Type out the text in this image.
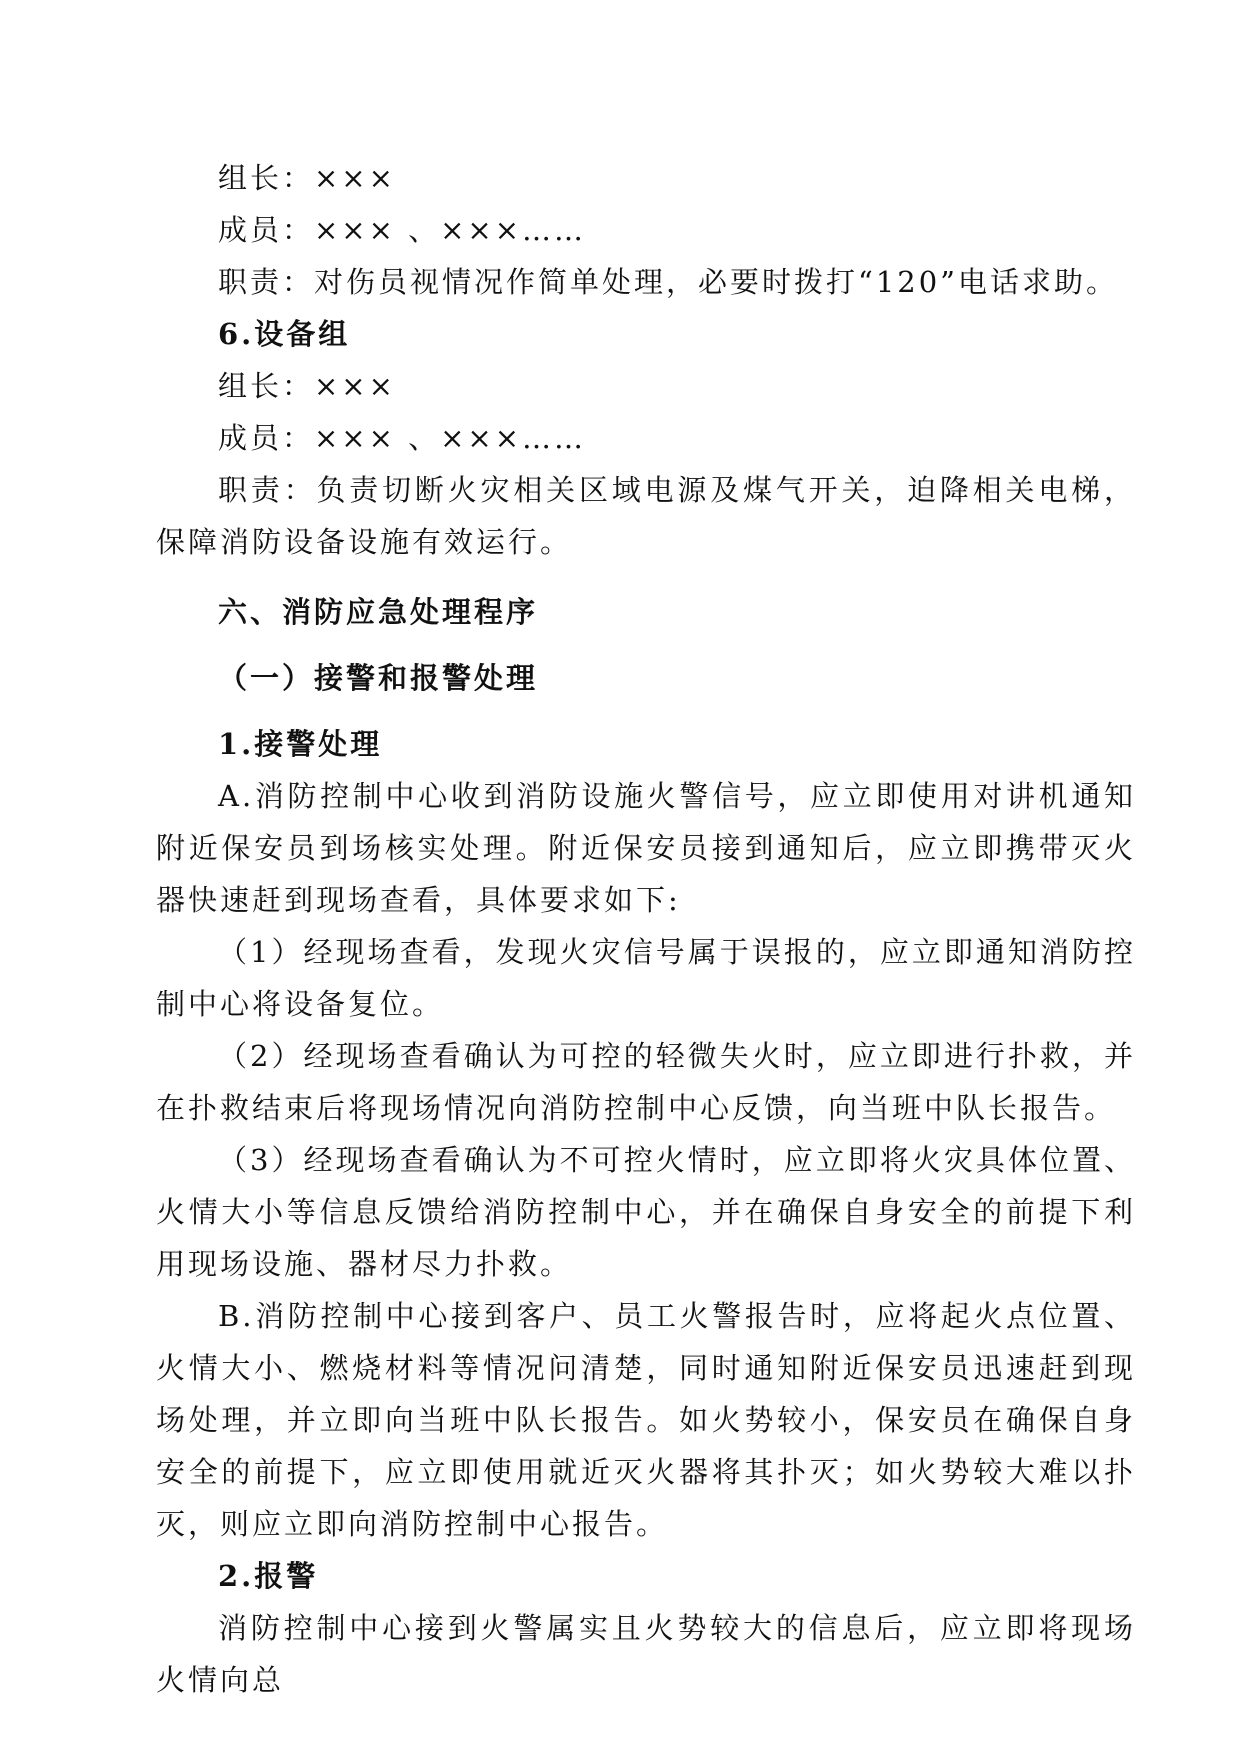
组长：×××

成员：××× 、×××……

职责：对伤员视情况作简单处理，必要时拨打“120”电话求助。

6.设备组

组长：×××

成员：××× 、×××……

职责：负责切断火灾相关区域电源及煤气开关，迫降相关电梯，保障消防设备设施有效运行。

六、消防应急处理程序

（一）接警和报警处理

1.接警处理

A.消防控制中心收到消防设施火警信号，应立即使用对讲机通知附近保安员到场核实处理。附近保安员接到通知后，应立即携带灭火器快速赶到现场查看，具体要求如下:

（1）经现场查看，发现火灾信号属于误报的，应立即通知消防控制中心将设备复位。

（2）经现场查看确认为可控的轻微失火时，应立即进行扑救，并在扑救结束后将现场情况向消防控制中心反馈，向当班中队长报告。

（3）经现场查看确认为不可控火情时，应立即将火灾具体位置、火情大小等信息反馈给消防控制中心，并在确保自身安全的前提下利用现场设施、器材尽力扑救。

B.消防控制中心接到客户、员工火警报告时，应将起火点位置、火情大小、燃烧材料等情况问清楚，同时通知附近保安员迅速赶到现场处理，并立即向当班中队长报告。如火势较小，保安员在确保自身安全的前提下，应立即使用就近灭火器将其扑灭；如火势较大难以扑灭，则应立即向消防控制中心报告。

2.报警

消防控制中心接到火警属实且火势较大的信息后，应立即将现场火情向总
